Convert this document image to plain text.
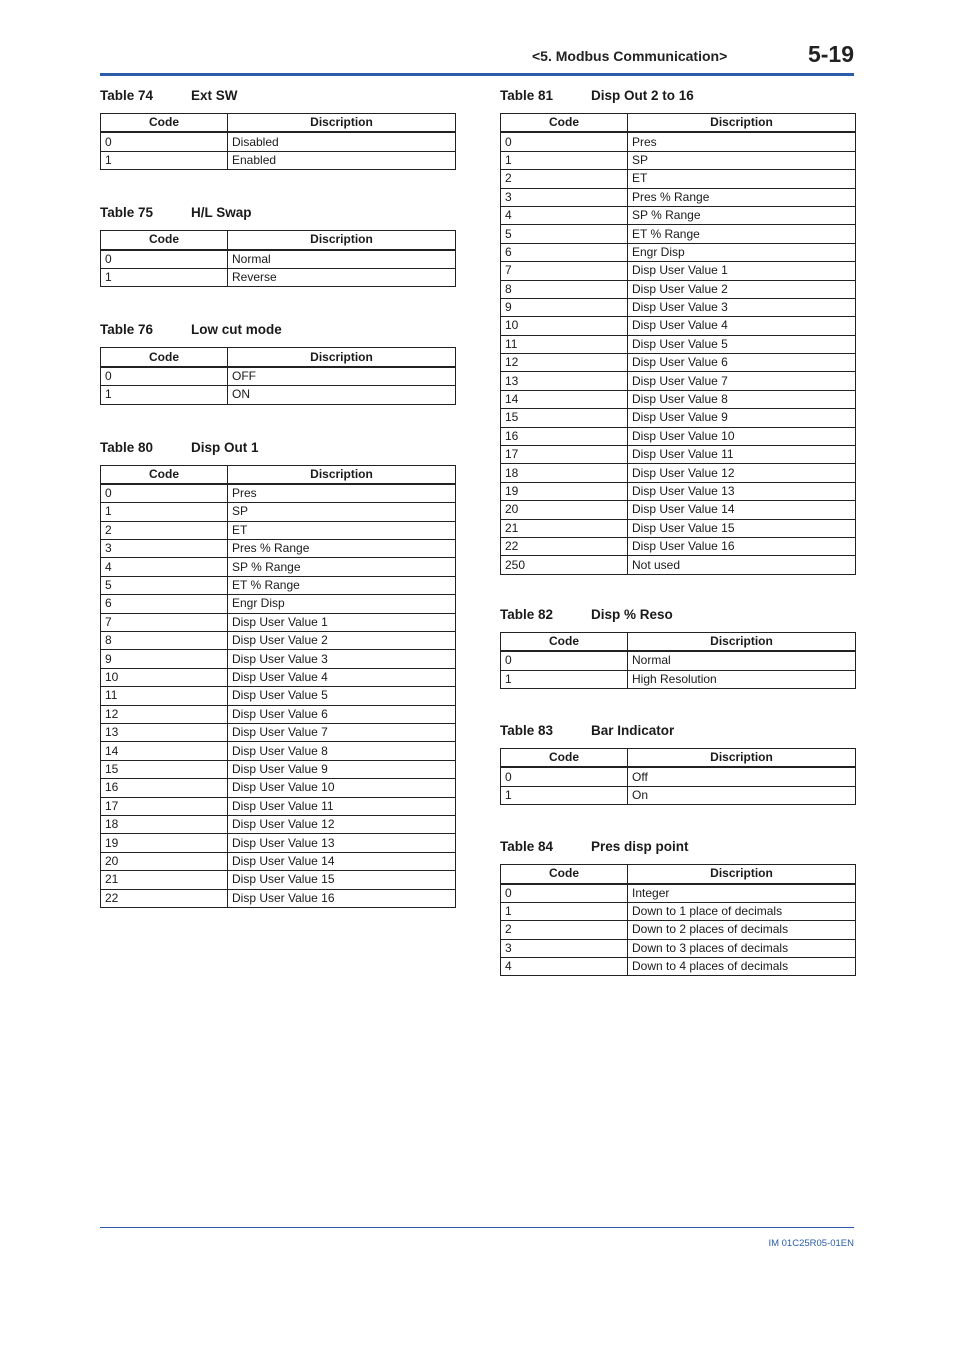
<5. Modbus Communication>	5-19
Table 74	Ext SW
Code	Discription
0	Disabled
1	Enabled
Table 75	H/L Swap
Code	Discription
0	Normal
1	Reverse
Table 76	Low cut mode
Code	Discription
0	OFF
1	ON
Table 80	Disp Out 1
Code	Discription
0	Pres
1	SP
2	ET
3	Pres % Range
4	SP % Range
5	ET % Range
6	Engr Disp
7	Disp User Value 1
8	Disp User Value 2
9	Disp User Value 3
10	Disp User Value 4
11	Disp User Value 5
12	Disp User Value 6
13	Disp User Value 7
14	Disp User Value 8
15	Disp User Value 9
16	Disp User Value 10
17	Disp User Value 11
18	Disp User Value 12
19	Disp User Value 13
20	Disp User Value 14
21	Disp User Value 15
22	Disp User Value 16
Table 81	Disp Out 2 to 16
Code	Discription
0	Pres
1	SP
2	ET
3	Pres % Range
4	SP % Range
5	ET % Range
6	Engr Disp
7	Disp User Value 1
8	Disp User Value 2
9	Disp User Value 3
10	Disp User Value 4
11	Disp User Value 5
12	Disp User Value 6
13	Disp User Value 7
14	Disp User Value 8
15	Disp User Value 9
16	Disp User Value 10
17	Disp User Value 11
18	Disp User Value 12
19	Disp User Value 13
20	Disp User Value 14
21	Disp User Value 15
22	Disp User Value 16
250	Not used
Table 82	Disp % Reso
Code	Discription
0	Normal
1	High Resolution
Table 83	Bar Indicator
Code	Discription
0	Off
1	On
Table 84	Pres disp point
Code	Discription
0	Integer
1	Down to 1 place of decimals
2	Down to 2 places of decimals
3	Down to 3 places of decimals
4	Down to 4 places of decimals
IM 01C25R05-01EN
